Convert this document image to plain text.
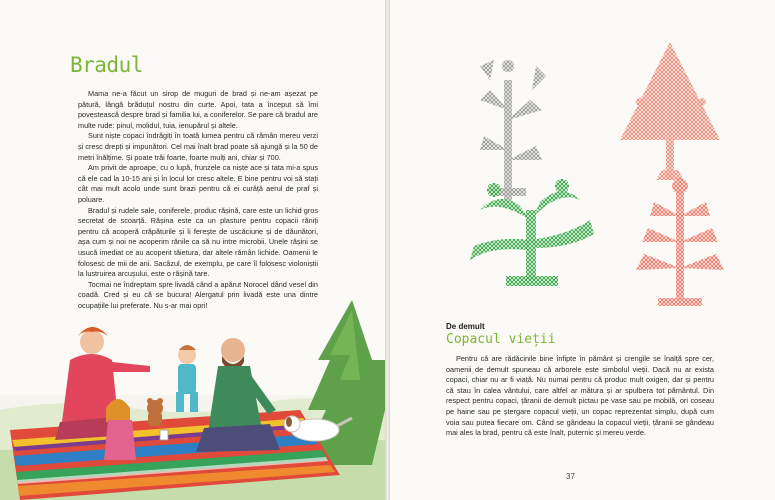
Bradul

Mama ne-a făcut un sirop de muguri de brad și ne-am așezat pe pătură, lângă brăduțul nostru din curte. Apoi, tata a început să îmi povestească despre brad și familia lui, a coniferelor. Se pare că bradul are multe rude: pinul, molidul, tuia, ienupărul și altele.

Sunt niște copaci îndrăgiți în toată lumea pentru că rămân mereu verzi și cresc drepți și impunători. Cel mai înalt brad poate să ajungă și la 50 de metri înălțime. Și poate trăi foarte, foarte mulți ani, chiar și 700.

Am privit de aproape, cu o lupă, frunzele ca niște ace și tata mi-a spus că ele cad la 10-15 ani și în locul lor cresc altele. E bine pentru voi să stați cât mai mult acolo unde sunt brazi pentru că ei curăță aerul de praf și poluare.

Bradul și rudele sale, coniferele, produc rășină, care este un lichid gros secretat de scoarță. Rășina este ca un plasture pentru copacii răniți pentru că acoperă crăpăturile și îi ferește de uscăciune și de dăunători, așa cum și noi ne acoperim rănile ca să nu intre microbii. Unele rășini se usucă imediat ce au acoperit tăietura, dar altele rămân lichide. Oamenii le folosesc de mii de ani. Sacâzul, de exemplu, pe care îl folosesc violoniștii la lustruirea arcușului, este o rășină tare.

Tocmai ne îndreptam spre livadă când a apărut Norocel dând vesel din coadă. Cred și eu că se bucura! Alergatul prin livadă este una dintre ocupațiile lui preferate. Nu s-ar mai opri!

De demult
Copacul vieții

Pentru că are rădăcinile bine înfipte în pământ și crengile se înalță spre cer, oamenii de demult spuneau că arborele este simbolul vieții. Dacă nu ar exista copaci, chiar nu ar fi viață. Nu numai pentru că produc mult oxigen, dar și pentru că stau în calea vântului, care altfel ar mătura și ar spulbera tot pământul. Din respect pentru copaci, țăranii de demult pictau pe vase sau pe mobilă, ori coseau pe haine sau pe ștergare copacul vieții, un copac reprezentat simplu, după cum voia sau putea fiecare om. Când se gândeau la copacul vieții, țăranii se gândeau mai ales la brad, pentru că este înalt, puternic și mereu verde.

37
